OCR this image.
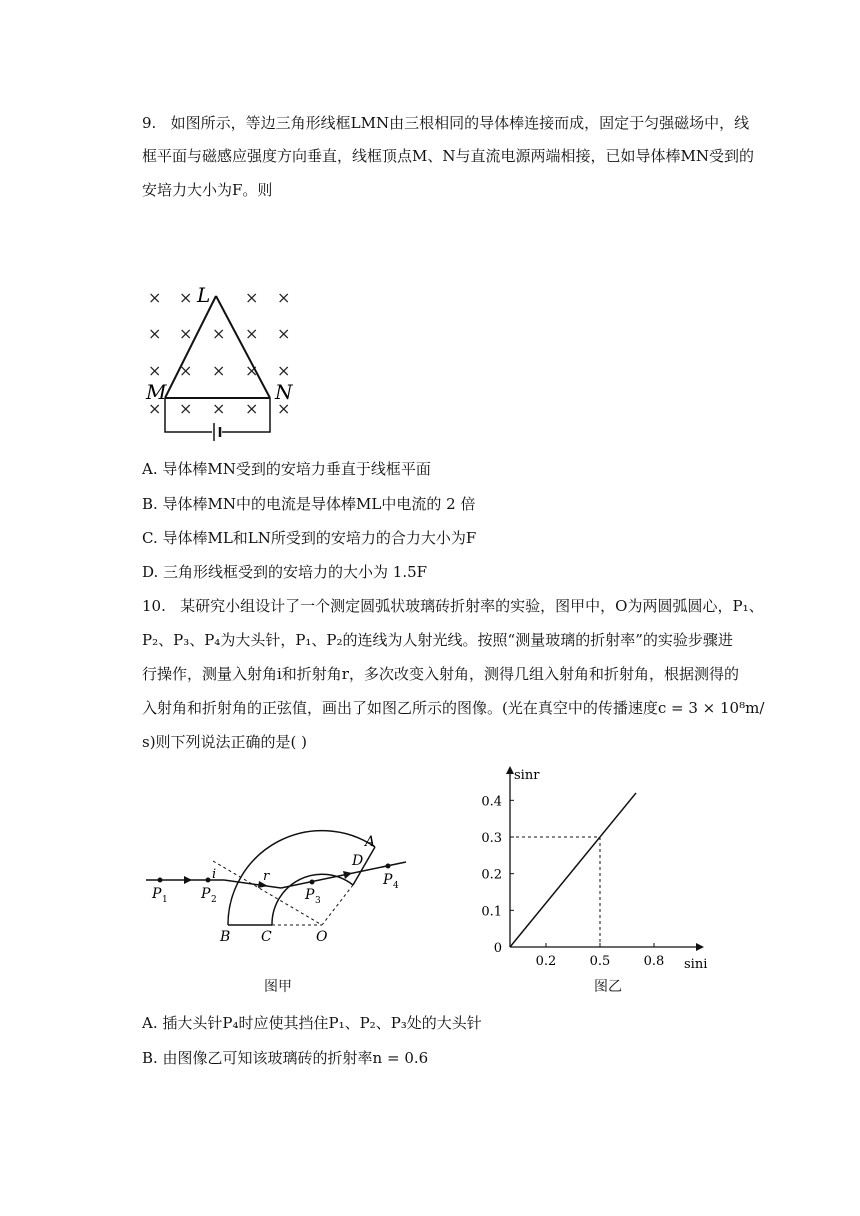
9. 如图所示，等边三角形线框LMN由三根相同的导体棒连接而成，固定于匀强磁场中，线
框平面与磁感应强度方向垂直，线框顶点M、N与直流电源两端相接，已如导体棒MN受到的
安培力大小为F。则
× ×	× ×
× × × × ×
× × × × ×
× × × × ×
L
M	N
A. 导体棒MN受到的安培力垂直于线框平面
B. 导体棒MN中的电流是导体棒ML中电流的 2 倍
C. 导体棒ML和LN所受到的安培力的合力大小为F
D. 三角形线框受到的安培力的大小为 1.5F
10. 某研究小组设计了一个测定圆弧状玻璃砖折射率的实验，图甲中，O为两圆弧圆心，P₁、
P₂、P₃、P₄为大头针，P₁、P₂的连线为人射光线。按照“测量玻璃的折射率”的实验步骤进
行操作，测量入射角i和折射角r，多次改变入射角，测得几组入射角和折射角，根据测得的
入射角和折射角的正弦值，画出了如图乙所示的图像。(光在真空中的传播速度c = 3 × 10⁸m/
s)则下列说法正确的是( )
P 1 P 2	P 3
P 4
A
B C
D
O
i	r
图甲
sinr
sini
0
0.1
0.2
0.3
0.4
0.2	0.5	0.8
图乙
A. 插大头针P₄时应使其挡住P₁、P₂、P₃处的大头针
B. 由图像乙可知该玻璃砖的折射率n = 0.6
